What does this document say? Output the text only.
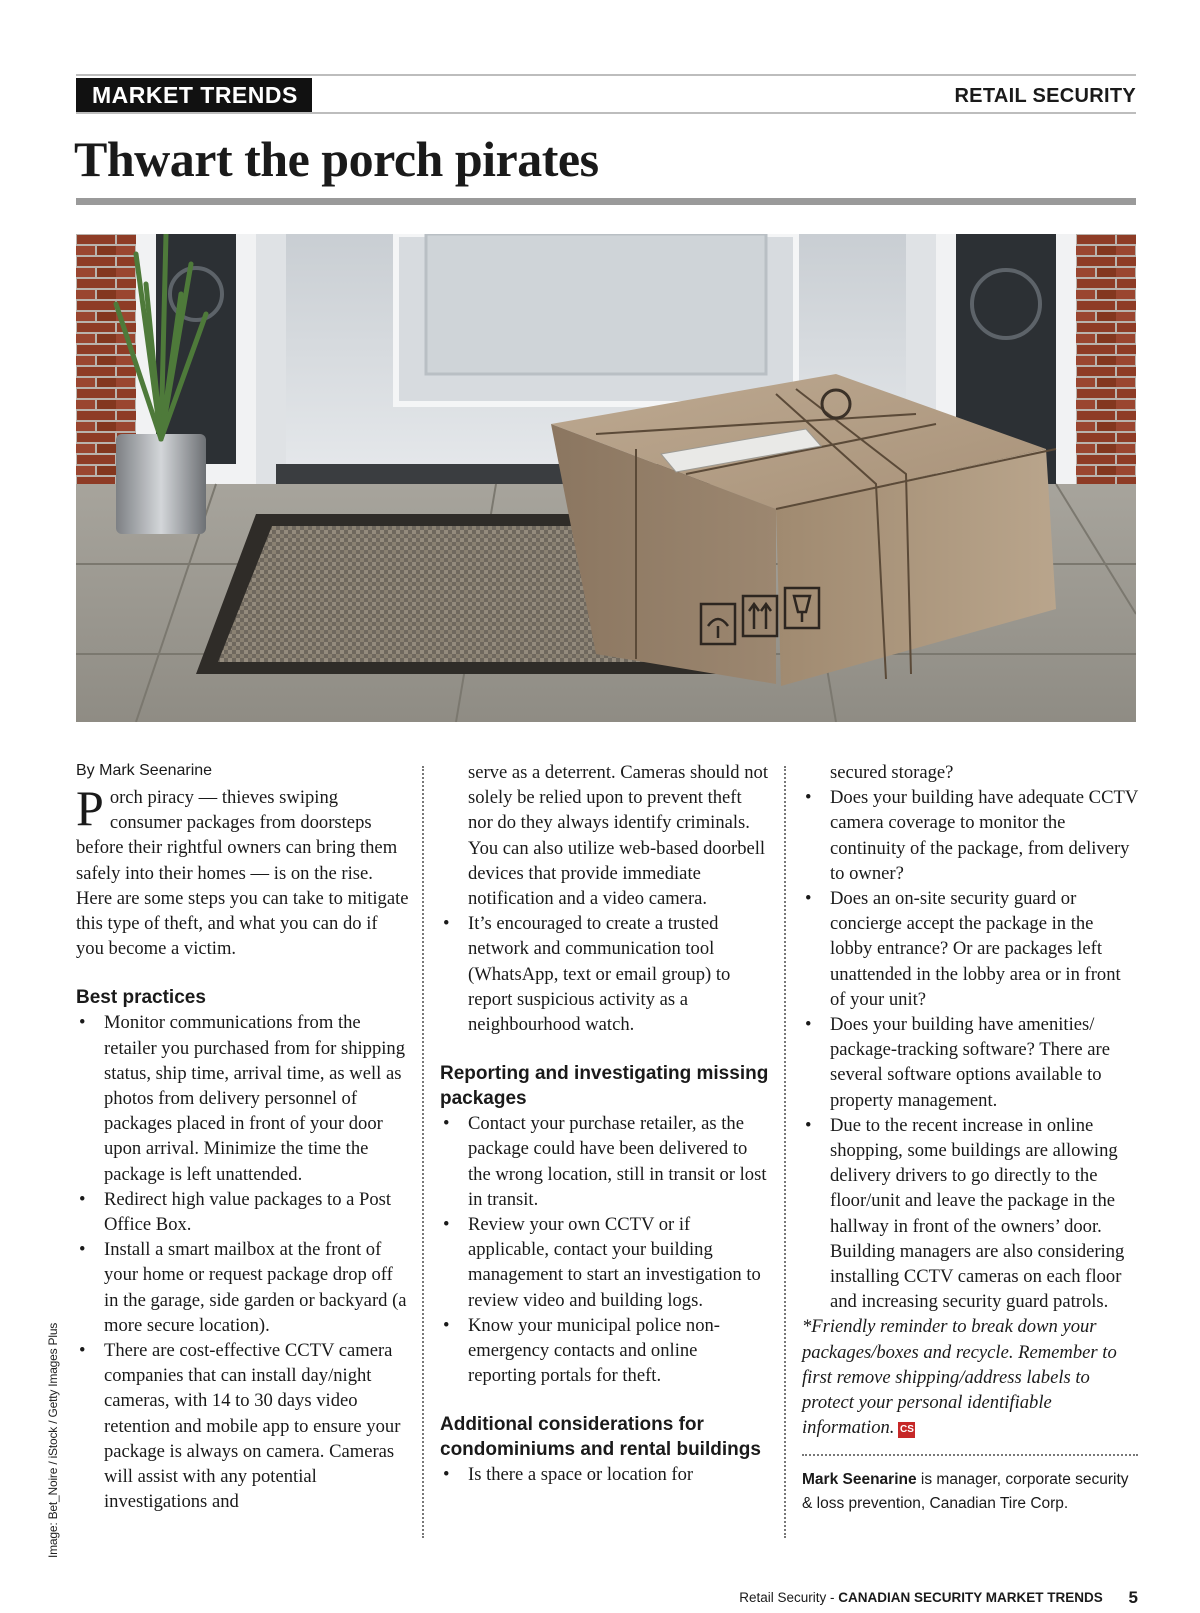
MARKET TRENDS	RETAIL SECURITY
Thwart the porch pirates
Image: Bet_Noire / iStock / Getty Images Plus
By Mark Seenarine

Porch piracy — thieves swiping consumer packages from doorsteps before their rightful owners can bring them safely into their homes — is on the rise. Here are some steps you can take to mitigate this type of theft, and what you can do if you become a victim.

Best practices
• Monitor communications from the retailer you purchased from for shipping status, ship time, arrival time, as well as photos from delivery personnel of packages placed in front of your door upon arrival. Minimize the time the package is left unattended.
• Redirect high value packages to a Post Office Box.
• Install a smart mailbox at the front of your home or request package drop off in the garage, side garden or backyard (a more secure location).
• There are cost-effective CCTV camera companies that can install day/night cameras, with 14 to 30 days video retention and mobile app to ensure your package is always on camera. Cameras will assist with any potential investigations and
serve as a deterrent. Cameras should not solely be relied upon to prevent theft nor do they always identify criminals. You can also utilize web-based doorbell devices that provide immediate notification and a video camera.
• It’s encouraged to create a trusted network and communication tool (WhatsApp, text or email group) to report suspicious activity as a neighbourhood watch.
Reporting and investigating missing packages
• Contact your purchase retailer, as the package could have been delivered to the wrong location, still in transit or lost in transit.
• Review your own CCTV or if applicable, contact your building management to start an investigation to review video and building logs.
• Know your municipal police non-emergency contacts and online reporting portals for theft.
Additional considerations for condominiums and rental buildings
• Is there a space or location for
secured storage?
• Does your building have adequate CCTV camera coverage to monitor the continuity of the package, from delivery to owner?
• Does an on-site security guard or concierge accept the package in the lobby entrance? Or are packages left unattended in the lobby area or in front of your unit?
• Does your building have amenities/ package-tracking software? There are several software options available to property management.
• Due to the recent increase in online shopping, some buildings are allowing delivery drivers to go directly to the floor/unit and leave the package in the hallway in front of the owners’ door. Building managers are also considering installing CCTV cameras on each floor and increasing security guard patrols.

*Friendly reminder to break down your packages/boxes and recycle. Remember to first remove shipping/address labels to protect your personal identifiable information. CS

Mark Seenarine is manager, corporate security & loss prevention, Canadian Tire Corp.

Retail Security - CANADIAN SECURITY MARKET TRENDS 5
